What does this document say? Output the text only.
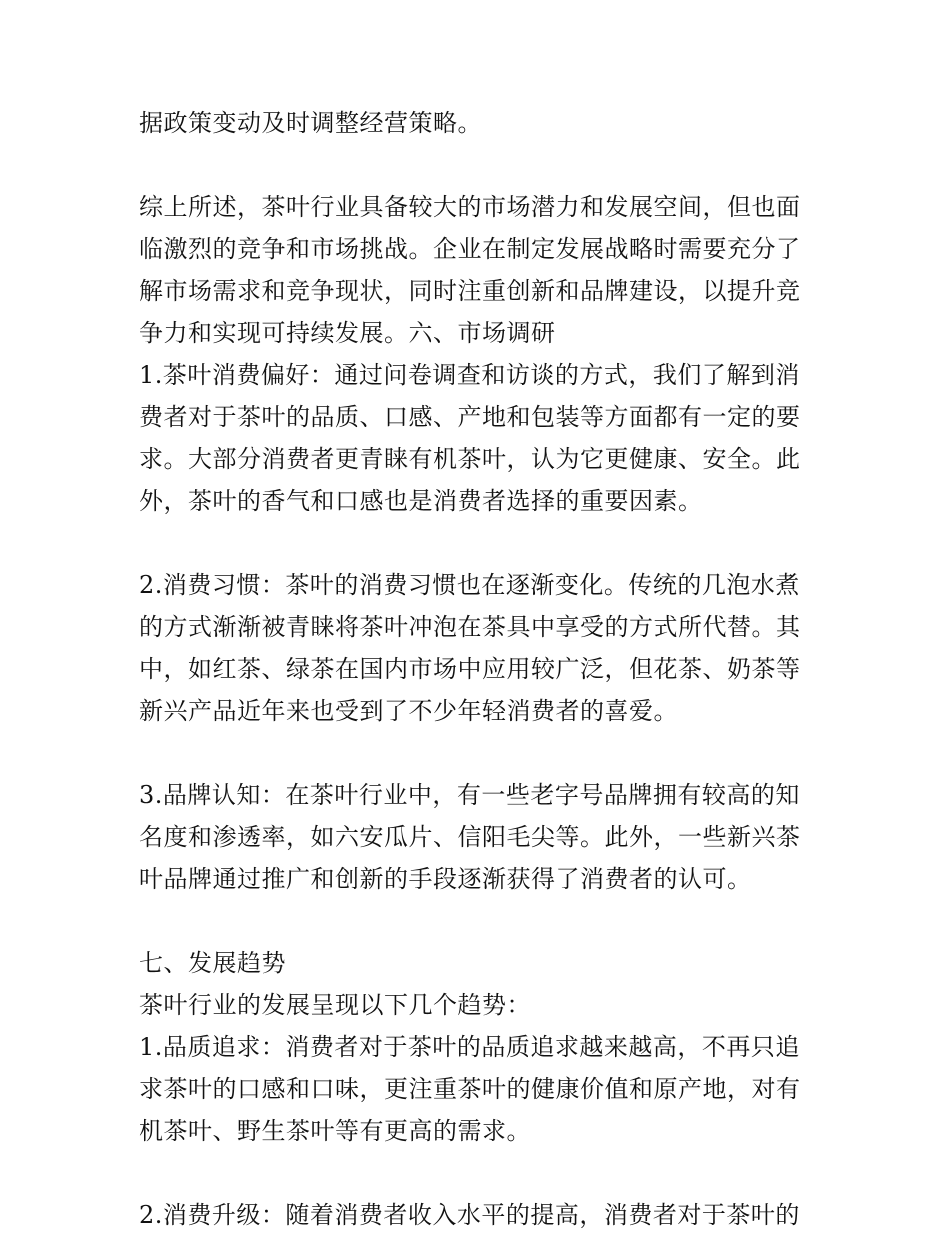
据政策变动及时调整经营策略。
综上所述，茶叶行业具备较大的市场潜力和发展空间，但也面
临激烈的竞争和市场挑战。企业在制定发展战略时需要充分了
解市场需求和竞争现状，同时注重创新和品牌建设，以提升竞
争力和实现可持续发展。六、市场调研
1.茶叶消费偏好：通过问卷调查和访谈的方式，我们了解到消
费者对于茶叶的品质、口感、产地和包装等方面都有一定的要
求。大部分消费者更青睐有机茶叶，认为它更健康、安全。此
外，茶叶的香气和口感也是消费者选择的重要因素。
2.消费习惯：茶叶的消费习惯也在逐渐变化。传统的几泡水煮
的方式渐渐被青睐将茶叶冲泡在茶具中享受的方式所代替。其
中，如红茶、绿茶在国内市场中应用较广泛，但花茶、奶茶等
新兴产品近年来也受到了不少年轻消费者的喜爱。
3.品牌认知：在茶叶行业中，有一些老字号品牌拥有较高的知
名度和渗透率，如六安瓜片、信阳毛尖等。此外，一些新兴茶
叶品牌通过推广和创新的手段逐渐获得了消费者的认可。
七、发展趋势
茶叶行业的发展呈现以下几个趋势：
1.品质追求：消费者对于茶叶的品质追求越来越高，不再只追
求茶叶的口感和口味，更注重茶叶的健康价值和原产地，对有
机茶叶、野生茶叶等有更高的需求。
2.消费升级：随着消费者收入水平的提高，消费者对于茶叶的
